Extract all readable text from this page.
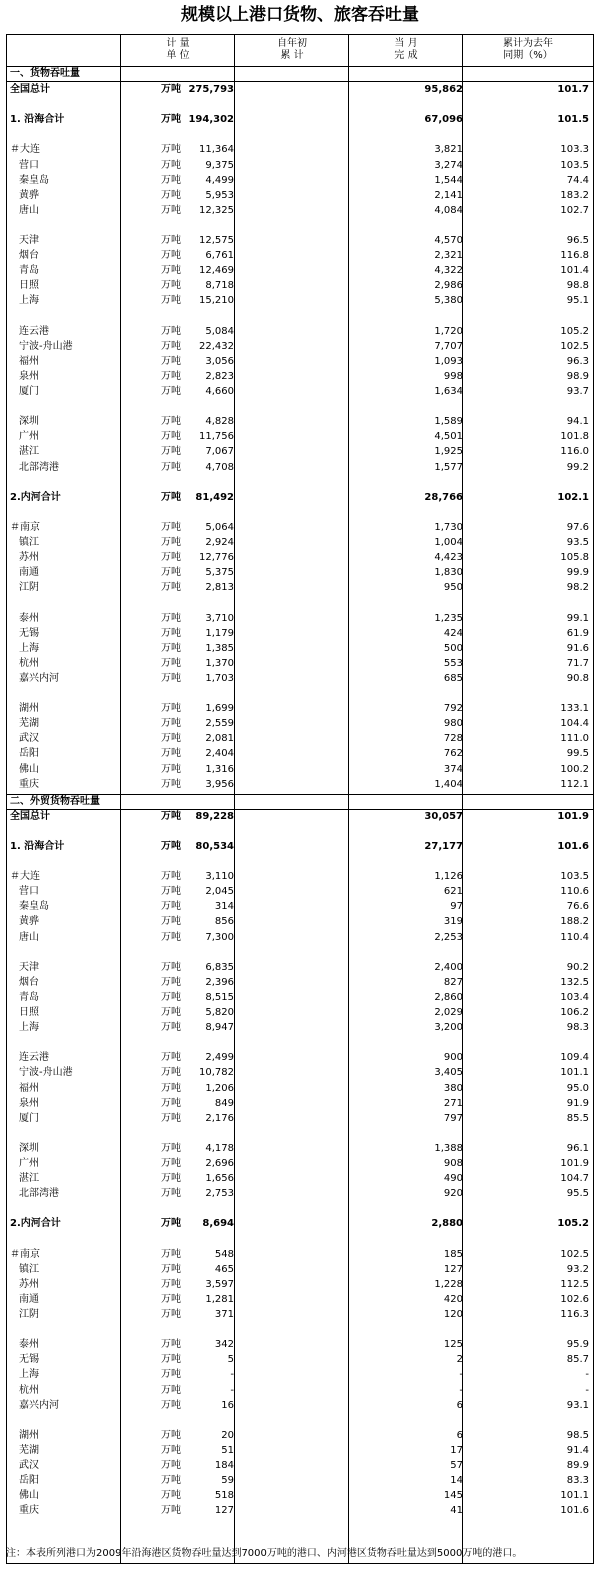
规模以上港口货物、旅客吞吐量
计 量
单 位
自年初
累 计
当 月
完 成
累计为去年
同期（%）
一、货物吞吐量
全国总计	万吨 275,793	95,862	101.7
1. 沿海合计	万吨 194,302	67,096	101.5
＃大连	万吨 11,364	3,821	103.3
营口	万吨 9,375	3,274	103.5
秦皇岛	万吨 4,499	1,544	74.4
黄骅	万吨 5,953	2,141	183.2
唐山	万吨 12,325	4,084	102.7
天津	万吨 12,575	4,570	96.5
烟台	万吨 6,761	2,321	116.8
青岛	万吨 12,469	4,322	101.4
日照	万吨 8,718	2,986	98.8
上海	万吨 15,210	5,380	95.1
连云港	万吨 5,084	1,720	105.2
宁波-舟山港	万吨 22,432	7,707	102.5
福州	万吨 3,056	1,093	96.3
泉州	万吨 2,823	998	98.9
厦门	万吨 4,660	1,634	93.7
深圳	万吨 4,828	1,589	94.1
广州	万吨 11,756	4,501	101.8
湛江	万吨 7,067	1,925	116.0
北部湾港	万吨 4,708	1,577	99.2
2.内河合计	万吨 81,492	28,766	102.1
＃南京	万吨 5,064	1,730	97.6
镇江	万吨 2,924	1,004	93.5
苏州	万吨 12,776	4,423	105.8
南通	万吨 5,375	1,830	99.9
江阴	万吨 2,813	950	98.2
泰州	万吨 3,710	1,235	99.1
无锡	万吨 1,179	424	61.9
上海	万吨 1,385	500	91.6
杭州	万吨 1,370	553	71.7
嘉兴内河	万吨 1,703	685	90.8
湖州	万吨 1,699	792	133.1
芜湖	万吨 2,559	980	104.4
武汉	万吨 2,081	728	111.0
岳阳	万吨 2,404	762	99.5
佛山	万吨 1,316	374	100.2
重庆	万吨 3,956	1,404	112.1
二、外贸货物吞吐量
全国总计	万吨 89,228	30,057	101.9
1. 沿海合计	万吨 80,534	27,177	101.6
＃大连	万吨 3,110	1,126	103.5
营口	万吨 2,045	621	110.6
秦皇岛	万吨	314	97	76.6
黄骅	万吨	856	319	188.2
唐山	万吨 7,300	2,253	110.4
天津	万吨 6,835	2,400	90.2
烟台	万吨 2,396	827	132.5
青岛	万吨 8,515	2,860	103.4
日照	万吨 5,820	2,029	106.2
上海	万吨 8,947	3,200	98.3
连云港	万吨 2,499	900	109.4
宁波-舟山港	万吨 10,782	3,405	101.1
福州	万吨 1,206	380	95.0
泉州	万吨	849	271	91.9
厦门	万吨 2,176	797	85.5
深圳	万吨 4,178	1,388	96.1
广州	万吨 2,696	908	101.9
湛江	万吨 1,656	490	104.7
北部湾港	万吨 2,753	920	95.5
2.内河合计	万吨 8,694	2,880	105.2
＃南京	万吨	548	185	102.5
镇江	万吨	465	127	93.2
苏州	万吨 3,597	1,228	112.5
南通	万吨 1,281	420	102.6
江阴	万吨	371	120	116.3
泰州	万吨	342	125	95.9
无锡	万吨	5	2	85.7
上海	万吨	-	-	-
杭州	万吨	-	-	-
嘉兴内河	万吨	16	6	93.1
湖州	万吨	20	6	98.5
芜湖	万吨	51	17	91.4
武汉	万吨	184	57	89.9
岳阳	万吨	59	14	83.3
佛山	万吨	518	145	101.1
重庆	万吨	127	41	101.6
注：本表所列港口为2009年沿海港区货物吞吐量达到7000万吨的港口、内河港区货物吞吐量达到5000万吨的港口。
